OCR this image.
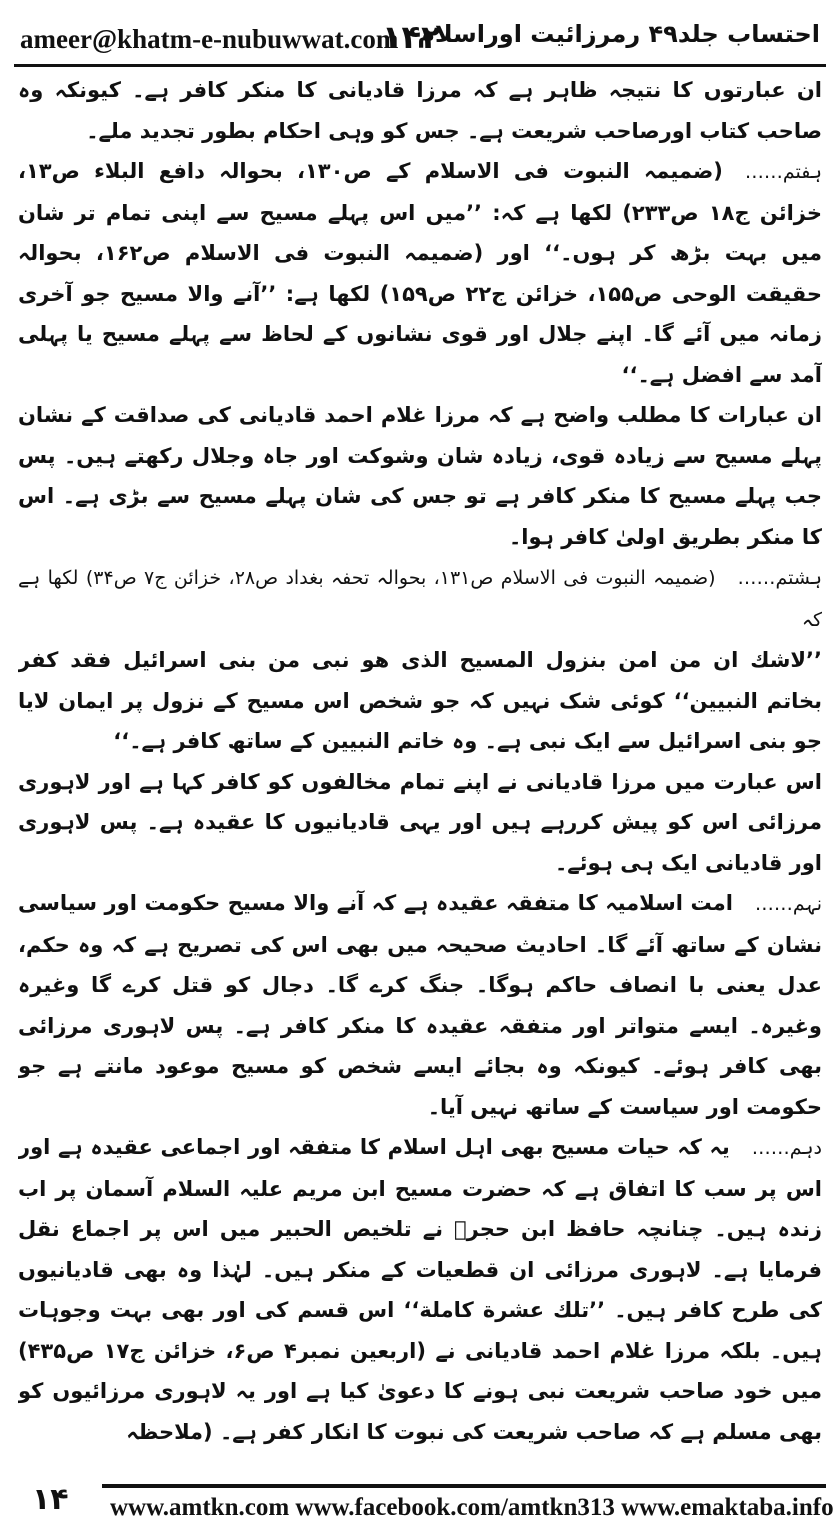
ameer@khatm-e-nubuwwat.com
۱۴۲
احتساب جلد۴۹ رمرزائیت اوراسلام

ان عبارتوں کا نتیجہ ظاہر ہے کہ مرزا قادیانی کا منکر کافر ہے۔ کیونکہ وہ صاحب کتاب اورصاحب شریعت ہے۔ جس کو وہی احکام بطور تجدید ملے۔

ہفتم……(ضمیمہ النبوت فی الاسلام کے ص۱۳۰، بحوالہ دافع البلاء ص۱۳، خزائن ج۱۸ ص۲۳۳) لکھا ہے کہ: ’’میں اس پہلے مسیح سے اپنی تمام تر شان میں بہت بڑھ کر ہوں۔‘‘ اور (ضمیمہ النبوت فی الاسلام ص۱۶۲، بحوالہ حقیقت الوحی ص۱۵۵، خزائن ج۲۲ ص۱۵۹) لکھا ہے: ’’آنے والا مسیح جو آخری زمانہ میں آئے گا۔ اپنے جلال اور قوی نشانوں کے لحاظ سے پہلے مسیح یا پہلی آمد سے افضل ہے۔‘‘

ان عبارات کا مطلب واضح ہے کہ مرزا غلام احمد قادیانی کی صداقت کے نشان پہلے مسیح سے زیادہ قوی، زیادہ شان وشوکت اور جاہ وجلال رکھتے ہیں۔ پس جب پہلے مسیح کا منکر کافر ہے تو جس کی شان پہلے مسیح سے بڑی ہے۔ اس کا منکر بطریق اولیٰ کافر ہوا۔

ہشتم……(ضمیمہ النبوت فی الاسلام ص۱۳۱، بحوالہ تحفہ بغداد ص۲۸، خزائن ج۷ ص۳۴) لکھا ہے کہ

’’لاشك ان من امن بنزول المسیح الذی هو نبی من بنی اسرائیل فقد كفر بخاتم النبیین‘‘ کوئی شک نہیں کہ جو شخص اس مسیح کے نزول پر ایمان لایا جو بنی اسرائیل سے ایک نبی ہے۔ وہ خاتم النبیین کے ساتھ کافر ہے۔‘‘

اس عبارت میں مرزا قادیانی نے اپنے تمام مخالفوں کو کافر کہا ہے اور لاہوری مرزائی اس کو پیش کررہے ہیں اور یہی قادیانیوں کا عقیدہ ہے۔ پس لاہوری اور قادیانی ایک ہی ہوئے۔

نہم……امت اسلامیہ کا متفقہ عقیدہ ہے کہ آنے والا مسیح حکومت اور سیاسی نشان کے ساتھ آئے گا۔ احادیث صحیحہ میں بھی اس کی تصریح ہے کہ وہ حکم، عدل یعنی با انصاف حاکم ہوگا۔ جنگ کرے گا۔ دجال کو قتل کرے گا وغیرہ وغیرہ۔ ایسے متواتر اور متفقہ عقیدہ کا منکر کافر ہے۔ پس لاہوری مرزائی بھی کافر ہوئے۔ کیونکہ وہ بجائے ایسے شخص کو مسیح موعود مانتے ہے جو حکومت اور سیاست کے ساتھ نہیں آیا۔

دہم……یہ کہ حیات مسیح بھی اہل اسلام کا متفقہ اور اجماعی عقیدہ ہے اور اس پر سب کا اتفاق ہے کہ حضرت مسیح ابن مریم علیہ السلام آسمان پر اب زندہ ہیں۔ چنانچہ حافظ ابن حجرؒ نے تلخیص الحبیر میں اس پر اجماع نقل فرمایا ہے۔ لاہوری مرزائی ان قطعیات کے منکر ہیں۔ لہٰذا وہ بھی قادیانیوں کی طرح کافر ہیں۔ ’’تلك عشرة كاملة‘‘ اس قسم کی اور بھی بہت وجوہات ہیں۔ بلکہ مرزا غلام احمد قادیانی نے (اربعین نمبر۴ ص۶، خزائن ج۱۷ ص۴۳۵) میں خود صاحب شریعت نبی ہونے کا دعویٰ کیا ہے اور یہ لاہوری مرزائیوں کو بھی مسلم ہے کہ صاحب شریعت کی نبوت کا انکار کفر ہے۔ (ملاحظہ

۱۴ www.amtkn.com www.facebook.com/amtkn313 www.emaktaba.info
